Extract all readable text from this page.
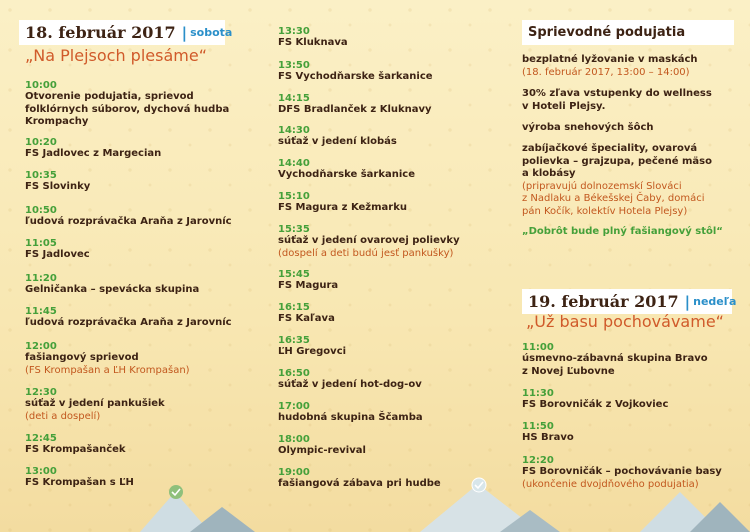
18. február 2017 | sobota
„Na Plejsoch plesáme“
10:00
Otvorenie podujatia, sprievod
folklórnych súborov, dychová hudba
Krompachy
10:20
FS Jadlovec z Margecian
10:35
FS Slovinky
10:50
ľudová rozprávačka Araňa z Jarovníc
11:05
FS Jadlovec
11:20
Gelničanka – spevácka skupina
11:45
ľudová rozprávačka Araňa z Jarovníc
12:00
fašiangový sprievod
(FS Krompašan a ĽH Krompašan)
12:30
súťaž v jedení pankušiek
(deti a dospelí)
12:45
FS Krompašanček
13:00
FS Krompašan s ĽH
13:30
FS Kluknava
13:50
FS Vychodňarske šarkanice
14:15
DFS Bradlanček z Kluknavy
14:30
súťaž v jedení klobás
14:40
Vychodňarske šarkanice
15:10
FS Magura z Kežmarku
15:35
súťaž v jedení ovarovej polievky
(dospelí a deti budú jesť pankušky)
15:45
FS Magura
16:15
FS Kaľava
16:35
ĽH Gregovci
16:50
súťaž v jedení hot-dog-ov
17:00
hudobná skupina Ščamba
18:00
Olympic-revival
19:00
fašiangová zábava pri hudbe
Sprievodné podujatia
bezplatné lyžovanie v maskách
(18. február 2017, 13:00 – 14:00)
30% zľava vstupenky do wellness
v Hoteli Plejsy.
výroba snehových šôch
zabíjačkové špeciality, ovarová
polievka – grajzupa, pečené mäso
a klobásy
(pripravujú dolnozemskí Slováci
z Nadlaku a Békešskej Čaby, domáci
pán Kočík, kolektív Hotela Plejsy)
„Dobrôt bude plný fašiangový stôl“
19. február 2017 | nedeľa
„Už basu pochovávame“
11:00
úsmevno-zábavná skupina Bravo
z Novej Ľubovne
11:30
FS Borovničák z Vojkoviec
11:50
HS Bravo
12:20
FS Borovničák – pochovávanie basy
(ukončenie dvojdňového podujatia)
